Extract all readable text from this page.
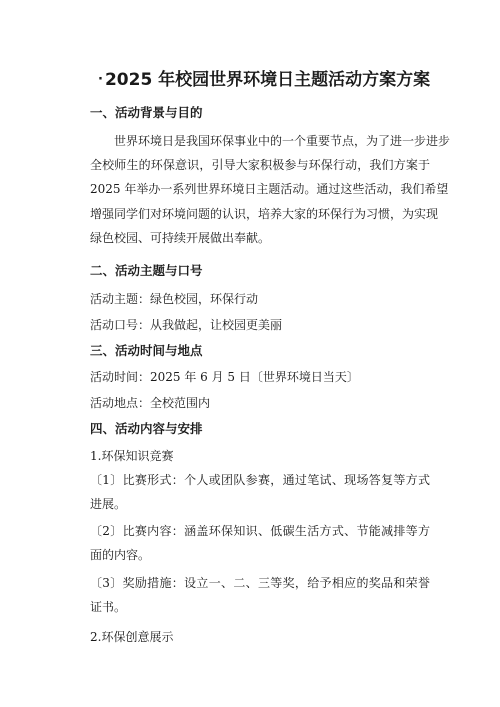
· 2025 年校园世界环境日主题活动方案方案
一、活动背景与目的
世界环境日是我国环保事业中的一个重要节点，为了进一步进步
全校师生的环保意识，引导大家积极参与环保行动，我们方案于
2025 年举办一系列世界环境日主题活动。通过这些活动，我们希望
增强同学们对环境问题的认识，培养大家的环保行为习惯，为实现
绿色校园、可持续开展做出奉献。
二、活动主题与口号

活动主题：绿色校园，环保行动

活动口号：从我做起，让校园更美丽

三、活动时间与地点

活动时间：2025 年 6 月 5 日〔世界环境日当天〕

活动地点：全校范围内

四、活动内容与安排

1.环保知识竞赛

〔1〕比赛形式：个人或团队参赛，通过笔试、现场答复等方式
进展。
〔2〕比赛内容：涵盖环保知识、低碳生活方式、节能减排等方
面的内容。
〔3〕奖励措施：设立一、二、三等奖，给予相应的奖品和荣誉
证书。

2.环保创意展示
